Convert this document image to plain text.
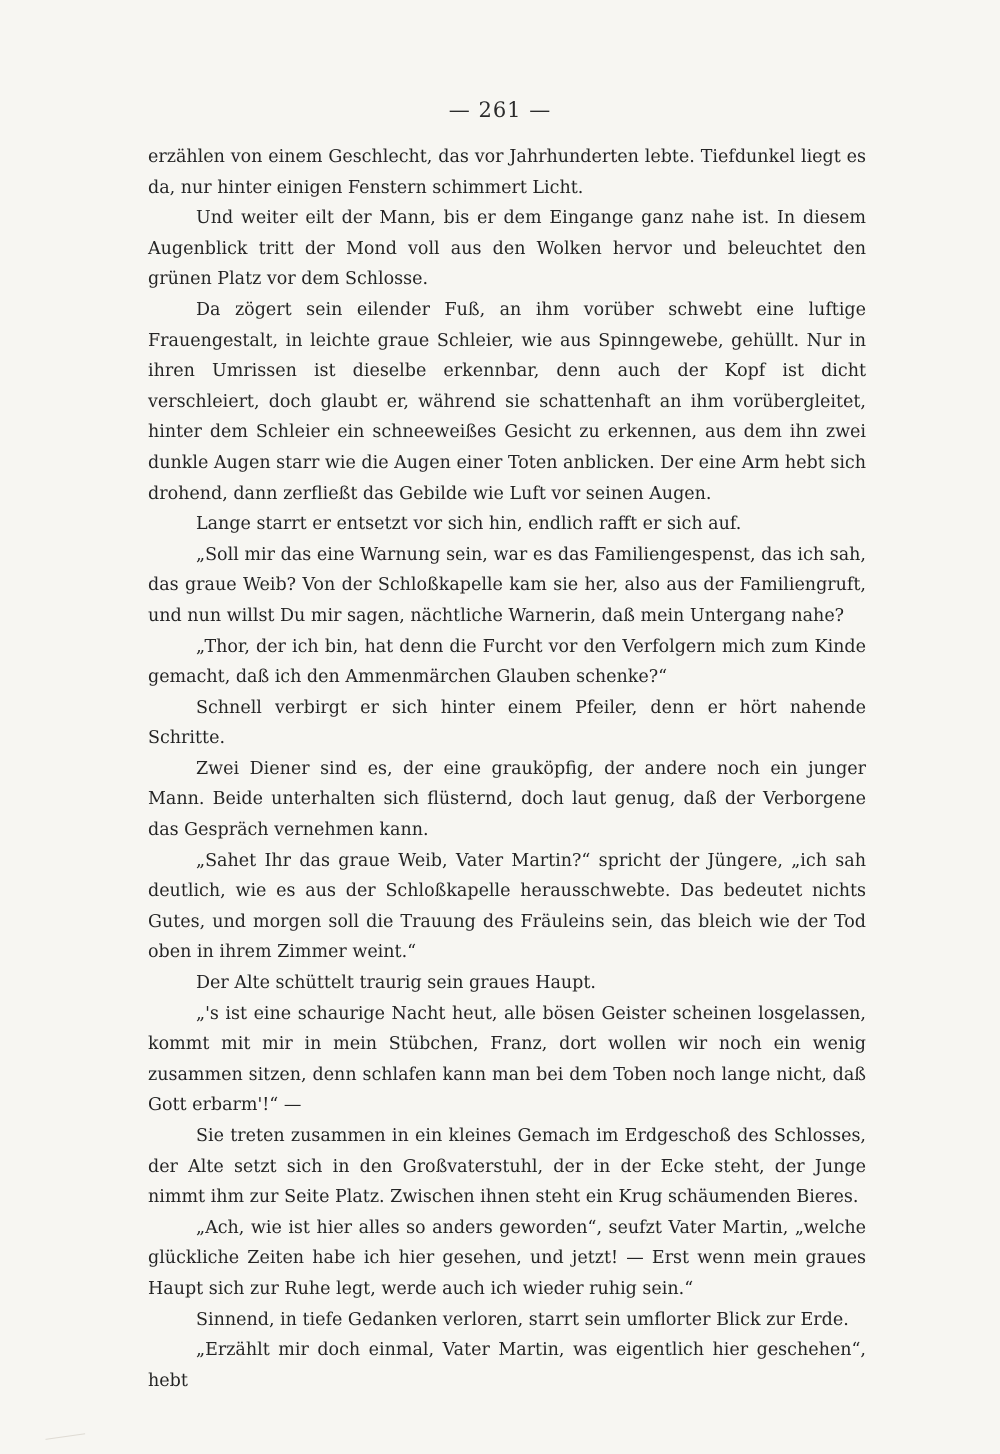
— 261 —

erzählen von einem Geschlecht, das vor Jahrhunderten lebte. Tiefdunkel liegt es da, nur hinter einigen Fenstern schimmert Licht.

Und weiter eilt der Mann, bis er dem Eingange ganz nahe ist. In diesem Augenblick tritt der Mond voll aus den Wolken hervor und beleuchtet den grünen Platz vor dem Schlosse.

Da zögert sein eilender Fuß, an ihm vorüber schwebt eine luftige Frauengestalt, in leichte graue Schleier, wie aus Spinngewebe, gehüllt. Nur in ihren Umrissen ist dieselbe erkennbar, denn auch der Kopf ist dicht verschleiert, doch glaubt er, während sie schattenhaft an ihm vorübergleitet, hinter dem Schleier ein schneeweißes Gesicht zu erkennen, aus dem ihn zwei dunkle Augen starr wie die Augen einer Toten anblicken. Der eine Arm hebt sich drohend, dann zerfließt das Gebilde wie Luft vor seinen Augen.

Lange starrt er entsetzt vor sich hin, endlich rafft er sich auf.

„Soll mir das eine Warnung sein, war es das Familiengespenst, das ich sah, das graue Weib? Von der Schloßkapelle kam sie her, also aus der Familiengruft, und nun willst Du mir sagen, nächtliche Warnerin, daß mein Untergang nahe?

„Thor, der ich bin, hat denn die Furcht vor den Verfolgern mich zum Kinde gemacht, daß ich den Ammenmärchen Glauben schenke?“

Schnell verbirgt er sich hinter einem Pfeiler, denn er hört nahende Schritte.

Zwei Diener sind es, der eine grauköpfig, der andere noch ein junger Mann. Beide unterhalten sich flüsternd, doch laut genug, daß der Verborgene das Gespräch vernehmen kann.

„Sahet Ihr das graue Weib, Vater Martin?“ spricht der Jüngere, „ich sah deutlich, wie es aus der Schloßkapelle herausschwebte. Das bedeutet nichts Gutes, und morgen soll die Trauung des Fräuleins sein, das bleich wie der Tod oben in ihrem Zimmer weint.“

Der Alte schüttelt traurig sein graues Haupt.

„'s ist eine schaurige Nacht heut, alle bösen Geister scheinen losgelassen, kommt mit mir in mein Stübchen, Franz, dort wollen wir noch ein wenig zusammen sitzen, denn schlafen kann man bei dem Toben noch lange nicht, daß Gott erbarm'!“ —

Sie treten zusammen in ein kleines Gemach im Erdgeschoß des Schlosses, der Alte setzt sich in den Großvaterstuhl, der in der Ecke steht, der Junge nimmt ihm zur Seite Platz. Zwischen ihnen steht ein Krug schäumenden Bieres.

„Ach, wie ist hier alles so anders geworden“, seufzt Vater Martin, „welche glückliche Zeiten habe ich hier gesehen, und jetzt! — Erst wenn mein graues Haupt sich zur Ruhe legt, werde auch ich wieder ruhig sein.“

Sinnend, in tiefe Gedanken verloren, starrt sein umflorter Blick zur Erde.

„Erzählt mir doch einmal, Vater Martin, was eigentlich hier geschehen“, hebt
